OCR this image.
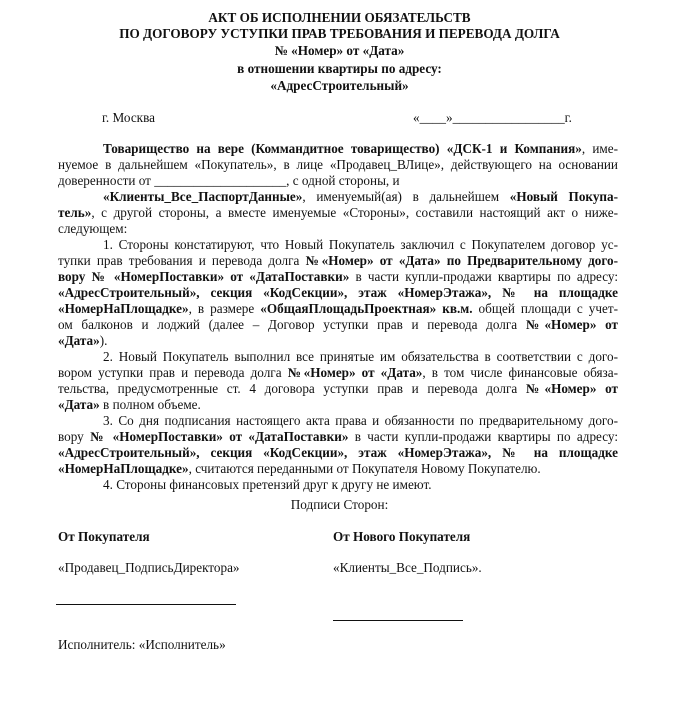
АКТ ОБ ИСПОЛНЕНИИ ОБЯЗАТЕЛЬСТВ
ПО ДОГОВОРУ УСТУПКИ ПРАВ ТРЕБОВАНИЯ И ПЕРЕВОДА ДОЛГА
№ «Номер» от «Дата»
в отношении квартиры по адресу:
«АдресСтроительный»
г. Москва	«____»_________________г.
Товарищество на вере (Коммандитное товарищество) «ДСК-1 и Компания», име-
нуемое в дальнейшем «Покупатель», в лице «Продавец_ВЛице», действующего на основании
доверенности от ____________________, с одной стороны, и
«Клиенты_Все_ПаспортДанные», именуемый(ая) в дальнейшем «Новый Покупа-
тель», с другой стороны, а вместе именуемые «Стороны», составили настоящий акт о ниже-
следующем:
1. Стороны констатируют, что Новый Покупатель заключил с Покупателем договор ус-
тупки прав требования и перевода долга №«Номер» от «Дата» по Предварительному дого-
вору № «НомерПоставки» от «ДатаПоставки» в части купли-продажи квартиры по адресу:
«АдресСтроительный», секция «КодСекции», этаж «НомерЭтажа», № на площадке
«НомерНаПлощадке», в размере «ОбщаяПлощадьПроектная» кв.м. общей площади с учет-
ом балконов и лоджий (далее – Договор уступки прав и перевода долга №«Номер» от
«Дата»).
2. Новый Покупатель выполнил все принятые им обязательства в соответствии с дого-
вором уступки прав и перевода долга №«Номер» от «Дата», в том числе финансовые обяза-
тельства, предусмотренные ст. 4 договора уступки прав и перевода долга №«Номер» от
«Дата» в полном объеме.
3. Со дня подписания настоящего акта права и обязанности по предварительному дого-
вору № «НомерПоставки» от «ДатаПоставки» в части купли-продажи квартиры по адресу:
«АдресСтроительный», секция «КодСекции», этаж «НомерЭтажа», № на площадке
«НомерНаПлощадке», считаются переданными от Покупателя Новому Покупателю.
4. Стороны финансовых претензий друг к другу не имеют.
Подписи Сторон:
От Покупателя	От Нового Покупателя
«Продавец_ПодписьДиректора»	«Клиенты_Все_Подпись».
Исполнитель: «Исполнитель»
